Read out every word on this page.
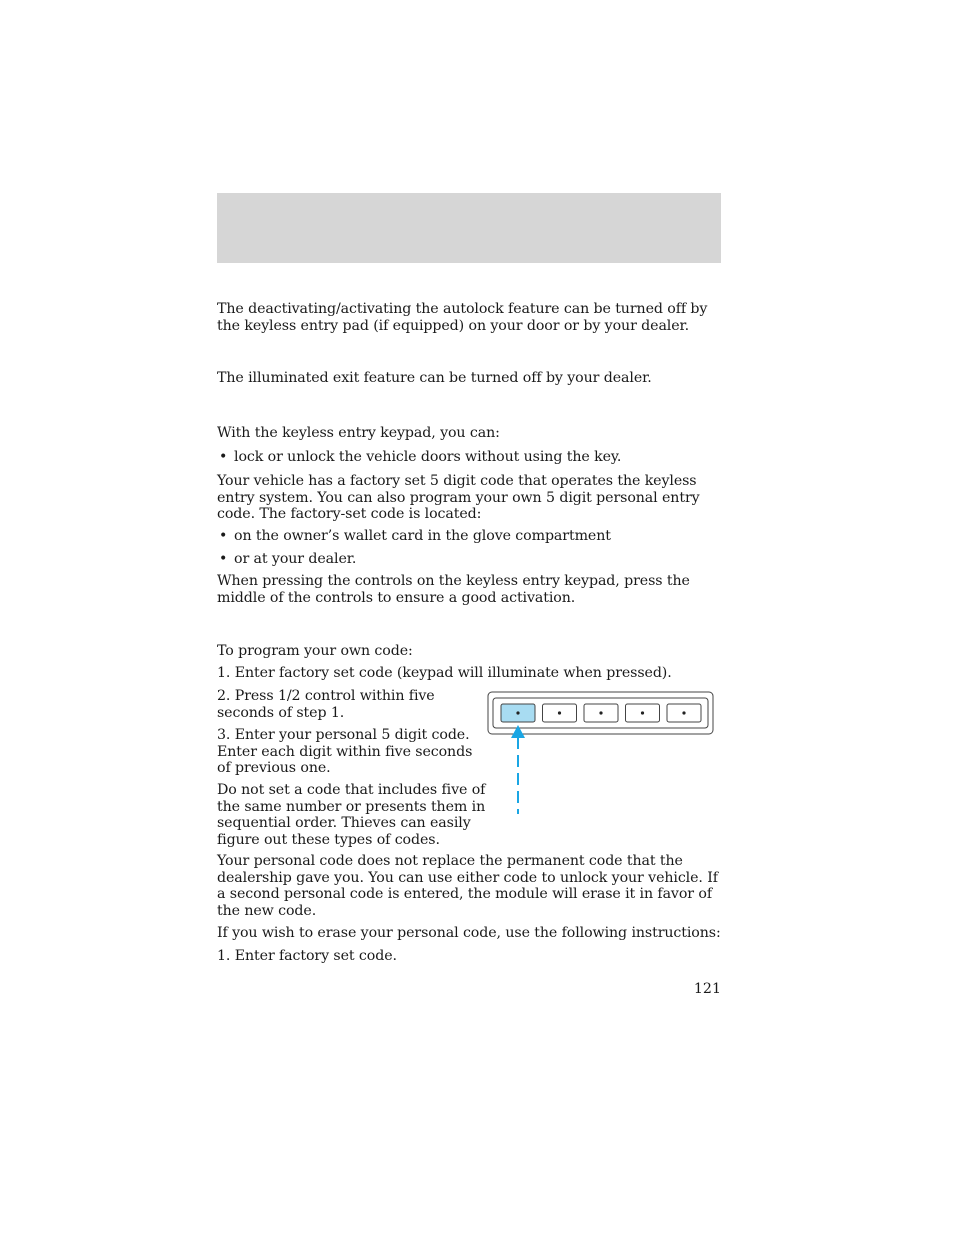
The deactivating/activating the autolock feature can be turned off by the keyless entry pad (if equipped) on your door or by your dealer.

The illuminated exit feature can be turned off by your dealer.

With the keyless entry keypad, you can:

• lock or unlock the vehicle doors without using the key.

Your vehicle has a factory set 5 digit code that operates the keyless entry system. You can also program your own 5 digit personal entry code. The factory-set code is located:

• on the owner’s wallet card in the glove compartment
• or at your dealer.

When pressing the controls on the keyless entry keypad, press the middle of the controls to ensure a good activation.

To program your own code:

1. Enter factory set code (keypad will illuminate when pressed).

2. Press 1/2 control within five seconds of step 1.

3. Enter your personal 5 digit code. Enter each digit within five seconds of previous one.

Do not set a code that includes five of the same number or presents them in sequential order. Thieves can easily figure out these types of codes.

Your personal code does not replace the permanent code that the dealership gave you. You can use either code to unlock your vehicle. If a second personal code is entered, the module will erase it in favor of the new code.

If you wish to erase your personal code, use the following instructions:

1. Enter factory set code.

121
